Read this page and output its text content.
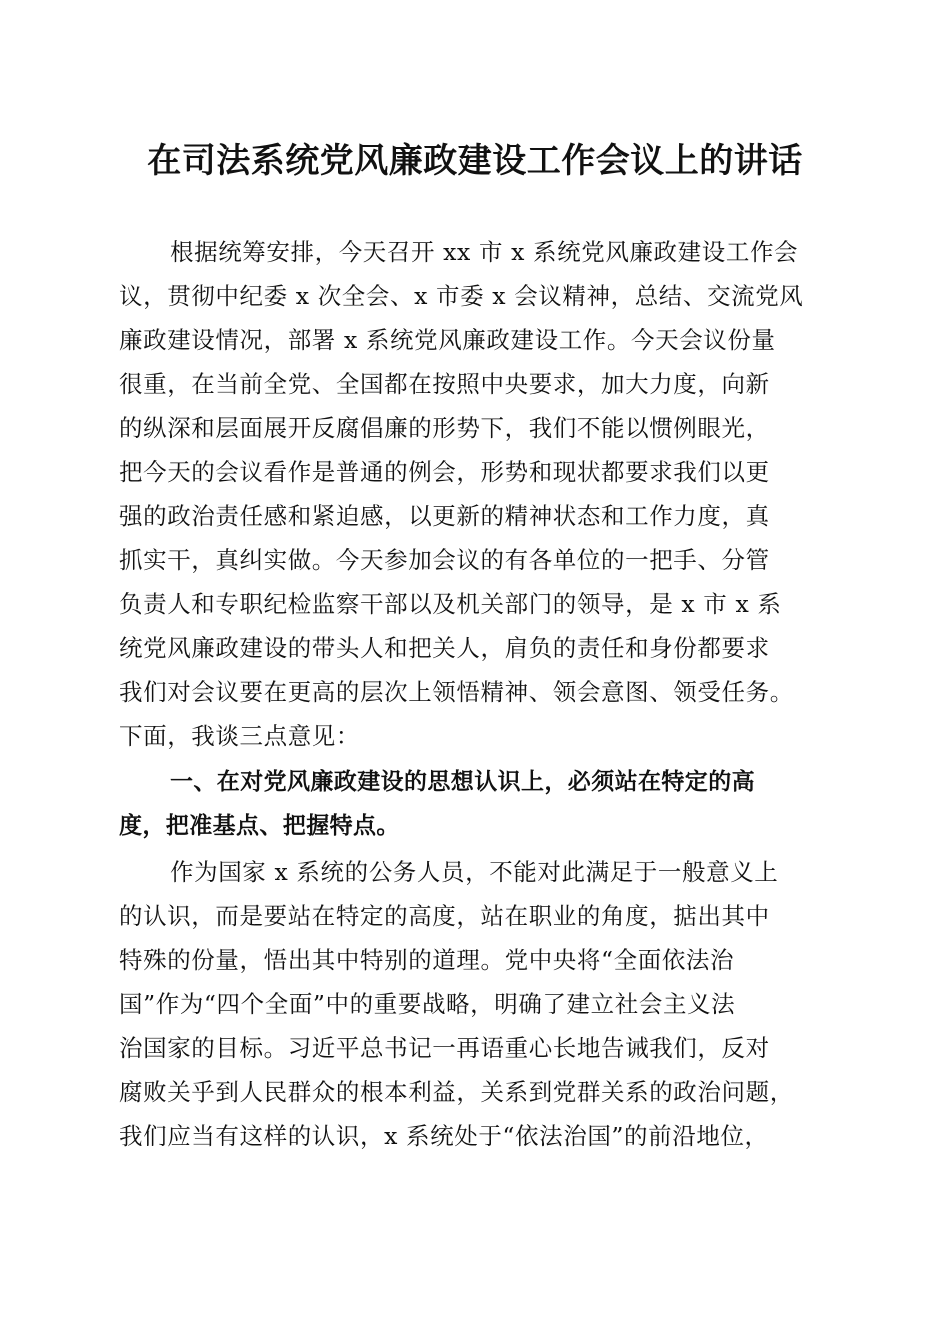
在司法系统党风廉政建设工作会议上的讲话
根据统筹安排，今天召开 xx 市 x 系统党风廉政建设工作会
议，贯彻中纪委 x 次全会、x 市委 x 会议精神，总结、交流党风
廉政建设情况，部署 x 系统党风廉政建设工作。今天会议份量
很重，在当前全党、全国都在按照中央要求，加大力度，向新
的纵深和层面展开反腐倡廉的形势下，我们不能以惯例眼光，
把今天的会议看作是普通的例会，形势和现状都要求我们以更
强的政治责任感和紧迫感，以更新的精神状态和工作力度，真
抓实干，真纠实做。今天参加会议的有各单位的一把手、分管
负责人和专职纪检监察干部以及机关部门的领导，是 x 市 x 系
统党风廉政建设的带头人和把关人，肩负的责任和身份都要求
我们对会议要在更高的层次上领悟精神、领会意图、领受任务。
下面，我谈三点意见：
一、在对党风廉政建设的思想认识上，必须站在特定的高
度，把准基点、把握特点。
作为国家 x 系统的公务人员，不能对此满足于一般意义上
的认识，而是要站在特定的高度，站在职业的角度，掂出其中
特殊的份量，悟出其中特别的道理。党中央将“全面依法治
国”作为“四个全面”中的重要战略，明确了建立社会主义法
治国家的目标。习近平总书记一再语重心长地告诫我们，反对
腐败关乎到人民群众的根本利益，关系到党群关系的政治问题，
我们应当有这样的认识，x 系统处于“依法治国”的前沿地位，
